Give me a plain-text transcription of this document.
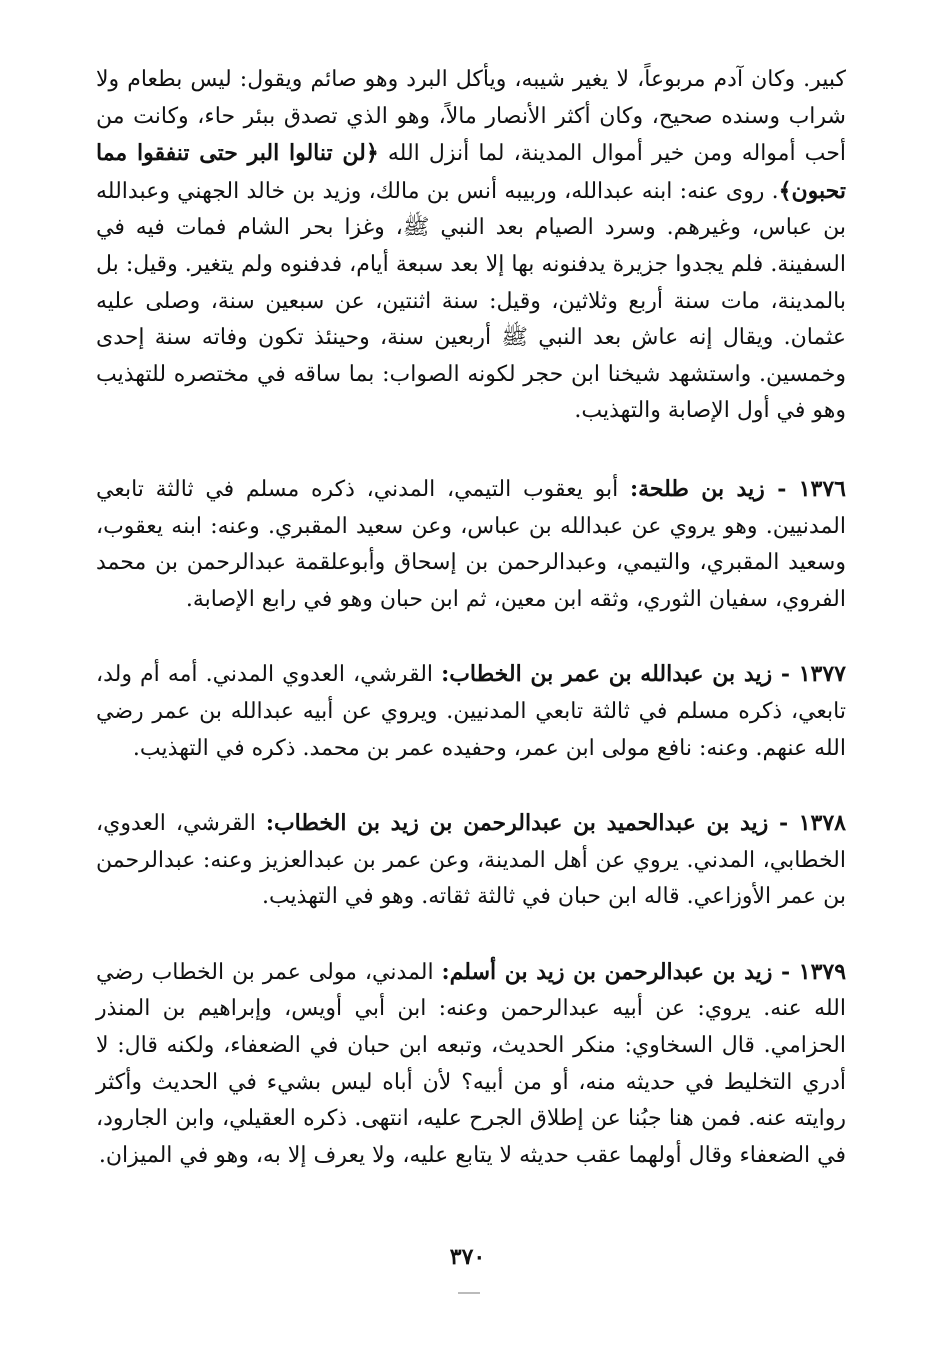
كبير. وكان آدم مربوعاً، لا يغير شيبه، ويأكل البرد وهو صائم ويقول: ليس بطعام ولا شراب وسنده صحيح، وكان أكثر الأنصار مالاً، وهو الذي تصدق ببئر حاء، وكانت من أحب أمواله ومن خير أموال المدينة، لما أنزل الله ﴿لن تنالوا البر حتى تنفقوا مما تحبون﴾. روى عنه: ابنه عبدالله، وربيبه أنس بن مالك، وزيد بن خالد الجهني وعبدالله بن عباس، وغيرهم. وسرد الصيام بعد النبي ﷺ، وغزا بحر الشام فمات فيه في السفينة. فلم يجدوا جزيرة يدفنونه بها إلا بعد سبعة أيام، فدفنوه ولم يتغير. وقيل: بل بالمدينة، مات سنة أربع وثلاثين، وقيل: سنة اثنتين، عن سبعين سنة، وصلى عليه عثمان. ويقال إنه عاش بعد النبي ﷺ أربعين سنة، وحينئذ تكون وفاته سنة إحدى وخمسين. واستشهد شيخنا ابن حجر لكونه الصواب: بما ساقه في مختصره للتهذيب وهو في أول الإصابة والتهذيب.

١٣٧٦ - زيد بن طلحة: أبو يعقوب التيمي، المدني، ذكره مسلم في ثالثة تابعي المدنيين. وهو يروي عن عبدالله بن عباس، وعن سعيد المقبري. وعنه: ابنه يعقوب، وسعيد المقبري، والتيمي، وعبدالرحمن بن إسحاق وأبوعلقمة عبدالرحمن بن محمد الفروي، سفيان الثوري، وثقه ابن معين، ثم ابن حبان وهو في رابع الإصابة.

١٣٧٧ - زيد بن عبدالله بن عمر بن الخطاب: القرشي، العدوي المدني. أمه أم ولد، تابعي، ذكره مسلم في ثالثة تابعي المدنيين. ويروي عن أبيه عبدالله بن عمر رضي الله عنهم. وعنه: نافع مولى ابن عمر، وحفيده عمر بن محمد. ذكره في التهذيب.

١٣٧٨ - زيد بن عبدالحميد بن عبدالرحمن بن زيد بن الخطاب: القرشي، العدوي، الخطابي، المدني. يروي عن أهل المدينة، وعن عمر بن عبدالعزيز وعنه: عبدالرحمن بن عمر الأوزاعي. قاله ابن حبان في ثالثة ثقاته. وهو في التهذيب.

١٣٧٩ - زيد بن عبدالرحمن بن زيد بن أسلم: المدني، مولى عمر بن الخطاب رضي الله عنه. يروي: عن أبيه عبدالرحمن وعنه: ابن أبي أويس، وإبراهيم بن المنذر الحزامي. قال السخاوي: منكر الحديث، وتبعه ابن حبان في الضعفاء، ولكنه قال: لا أدري التخليط في حديثه منه، أو من أبيه؟ لأن أباه ليس بشيء في الحديث وأكثر روايته عنه. فمن هنا جبُنا عن إطلاق الجرح عليه، انتهى. ذكره العقيلي، وابن الجارود، في الضعفاء وقال أولهما عقب حديثه لا يتابع عليه، ولا يعرف إلا به، وهو في الميزان.

٣٧٠
